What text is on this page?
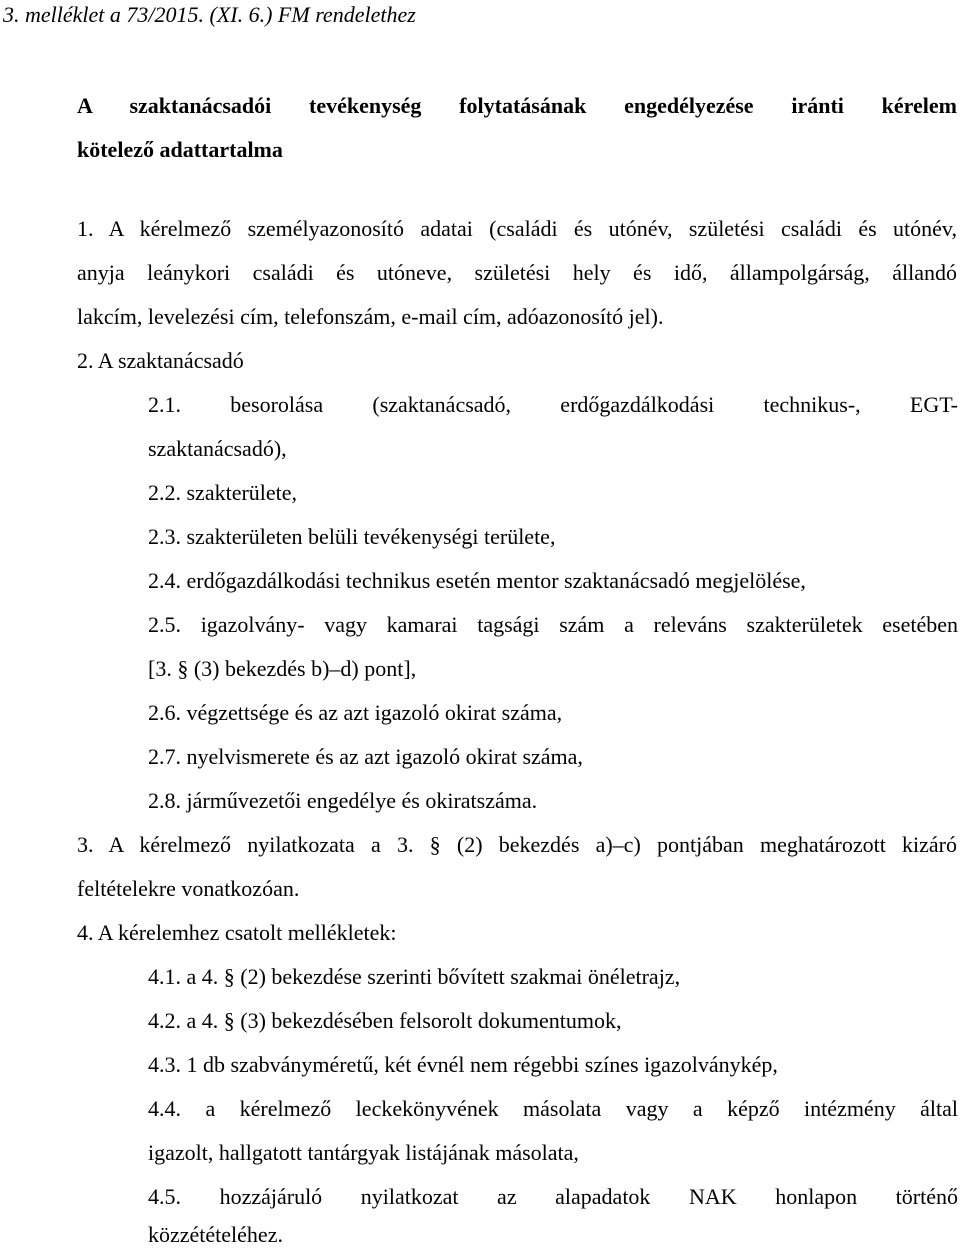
3. melléklet a 73/2015. (XI. 6.) FM rendelethez
A szaktanácsadói tevékenység folytatásának engedélyezése iránti kérelem
kötelező adattartalma
1. A kérelmező személyazonosító adatai (családi és utónév, születési családi és utónév,
anyja leánykori családi és utóneve, születési hely és idő, állampolgárság, állandó
lakcím, levelezési cím, telefonszám, e-mail cím, adóazonosító jel).
2. A szaktanácsadó
2.1. besorolása (szaktanácsadó, erdőgazdálkodási technikus-, EGT-
szaktanácsadó),
2.2. szakterülete,
2.3. szakterületen belüli tevékenységi területe,
2.4. erdőgazdálkodási technikus esetén mentor szaktanácsadó megjelölése,
2.5. igazolvány- vagy kamarai tagsági szám a releváns szakterületek esetében
[3. § (3) bekezdés b)–d) pont],
2.6. végzettsége és az azt igazoló okirat száma,
2.7. nyelvismerete és az azt igazoló okirat száma,
2.8. járművezetői engedélye és okiratszáma.
3. A kérelmező nyilatkozata a 3. § (2) bekezdés a)–c) pontjában meghatározott kizáró
feltételekre vonatkozóan.
4. A kérelemhez csatolt mellékletek:
4.1. a 4. § (2) bekezdése szerinti bővített szakmai önéletrajz,
4.2. a 4. § (3) bekezdésében felsorolt dokumentumok,
4.3. 1 db szabványméretű, két évnél nem régebbi színes igazolványkép,
4.4. a kérelmező leckekönyvének másolata vagy a képző intézmény által
igazolt, hallgatott tantárgyak listájának másolata,
4.5. hozzájáruló nyilatkozat az alapadatok NAK honlapon történő
közzétételéhez.
